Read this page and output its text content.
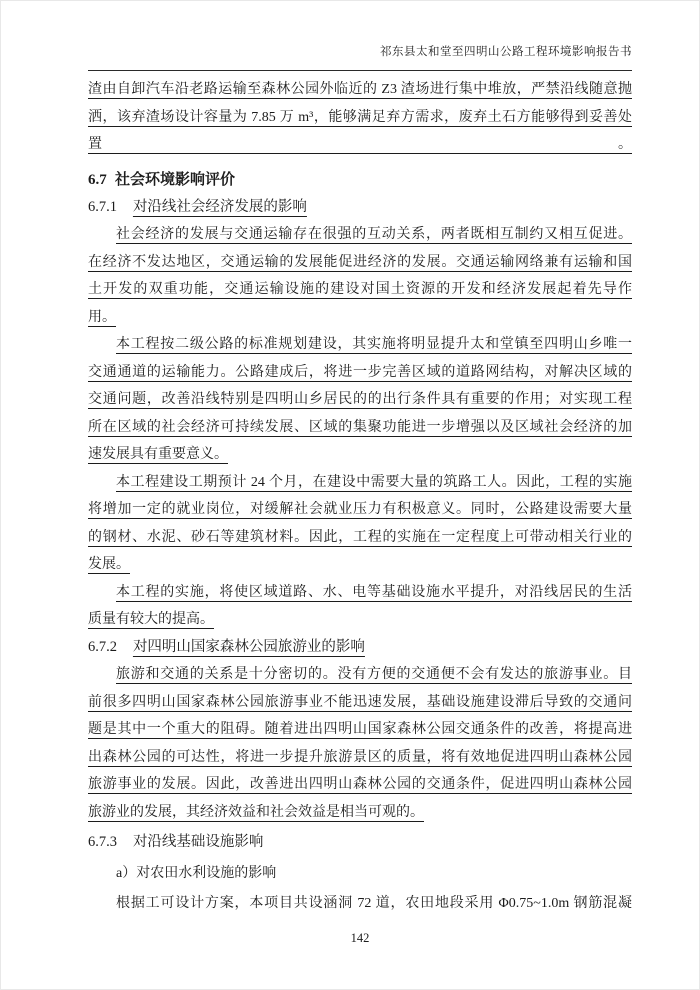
祁东县太和堂至四明山公路工程环境影响报告书
渣由自卸汽车沿老路运输至森林公园外临近的 Z3 渣场进行集中堆放，严禁沿线随意抛
洒，该弃渣场设计容量为 7.85 万 m³，能够满足弃方需求，废弃土石方能够得到妥善处
置。
6.7 社会环境影响评价
6.7.1 对沿线社会经济发展的影响
社会经济的发展与交通运输存在很强的互动关系，两者既相互制约又相互促进。
在经济不发达地区，交通运输的发展能促进经济的发展。交通运输网络兼有运输和国
土开发的双重功能，交通运输设施的建设对国土资源的开发和经济发展起着先导作
用。
本工程按二级公路的标准规划建设，其实施将明显提升太和堂镇至四明山乡唯一
交通通道的运输能力。公路建成后，将进一步完善区域的道路网结构，对解决区域的
交通问题，改善沿线特别是四明山乡居民的的出行条件具有重要的作用；对实现工程
所在区域的社会经济可持续发展、区域的集聚功能进一步增强以及区域社会经济的加
速发展具有重要意义。
本工程建设工期预计 24 个月，在建设中需要大量的筑路工人。因此，工程的实施
将增加一定的就业岗位，对缓解社会就业压力有积极意义。同时，公路建设需要大量
的钢材、水泥、砂石等建筑材料。因此，工程的实施在一定程度上可带动相关行业的
发展。
本工程的实施，将使区域道路、水、电等基础设施水平提升，对沿线居民的生活
质量有较大的提高。
6.7.2 对四明山国家森林公园旅游业的影响
旅游和交通的关系是十分密切的。没有方便的交通便不会有发达的旅游事业。目
前很多四明山国家森林公园旅游事业不能迅速发展，基础设施建设滞后导致的交通问
题是其中一个重大的阻碍。随着进出四明山国家森林公园交通条件的改善，将提高进
出森林公园的可达性，将进一步提升旅游景区的质量，将有效地促进四明山森林公园
旅游事业的发展。因此，改善进出四明山森林公园的交通条件，促进四明山森林公园
旅游业的发展，其经济效益和社会效益是相当可观的。
6.7.3 对沿线基础设施影响
a）对农田水利设施的影响
根据工可设计方案，本项目共设涵洞 72 道，农田地段采用 Φ0.75~1.0m 钢筋混凝
142
